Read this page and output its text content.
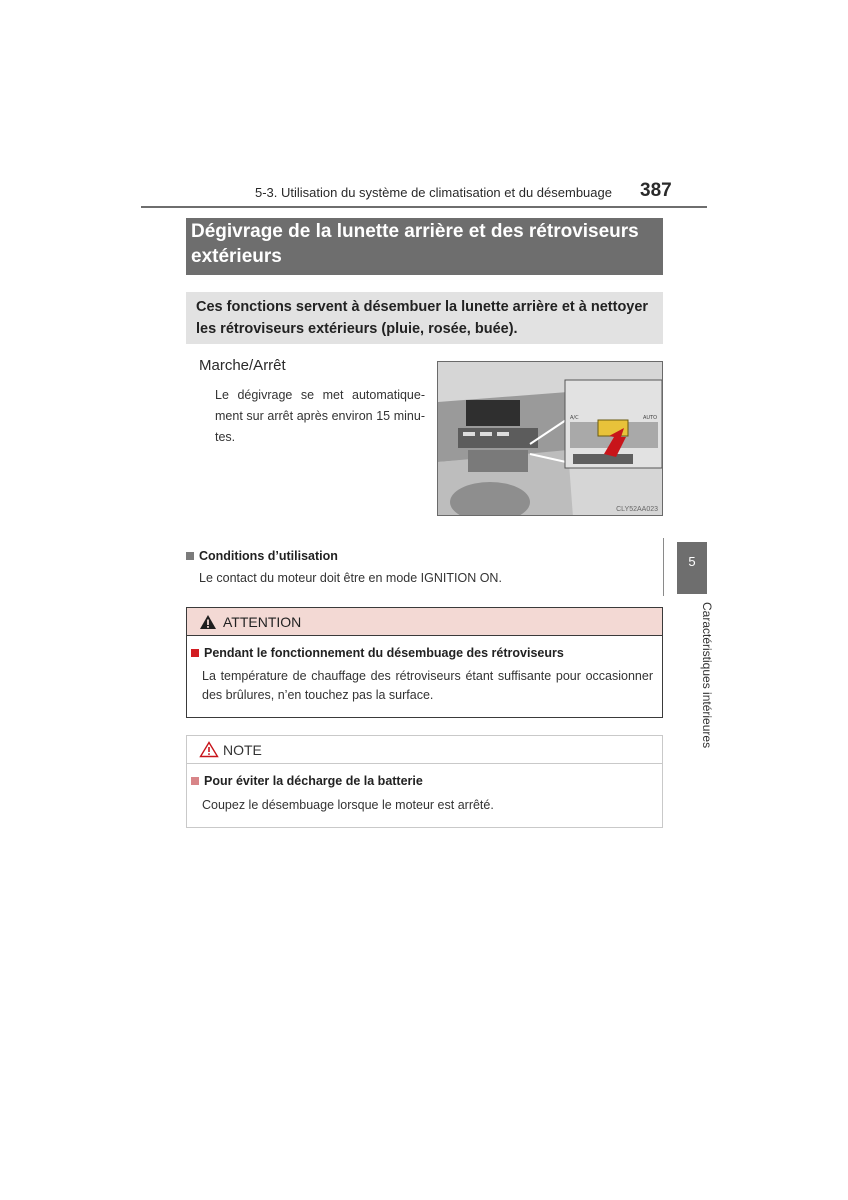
5-3. Utilisation du système de climatisation et du désembuage 387
Dégivrage de la lunette arrière et des rétroviseurs extérieurs
Ces fonctions servent à désembuer la lunette arrière et à nettoyer les rétroviseurs extérieurs (pluie, rosée, buée).
Marche/Arrêt
Le dégivrage se met automatique-ment sur arrêt après environ 15 minu-tes.
A/C	AUTO
CLY52AA023
Conditions d’utilisation
Le contact du moteur doit être en mode IGNITION ON.
5
Caractéristiques intérieures
ATTENTION
Pendant le fonctionnement du désembuage des rétroviseurs
La température de chauffage des rétroviseurs étant suffisante pour occasionner des brûlures, n’en touchez pas la surface.
NOTE
Pour éviter la décharge de la batterie
Coupez le désembuage lorsque le moteur est arrêté.
